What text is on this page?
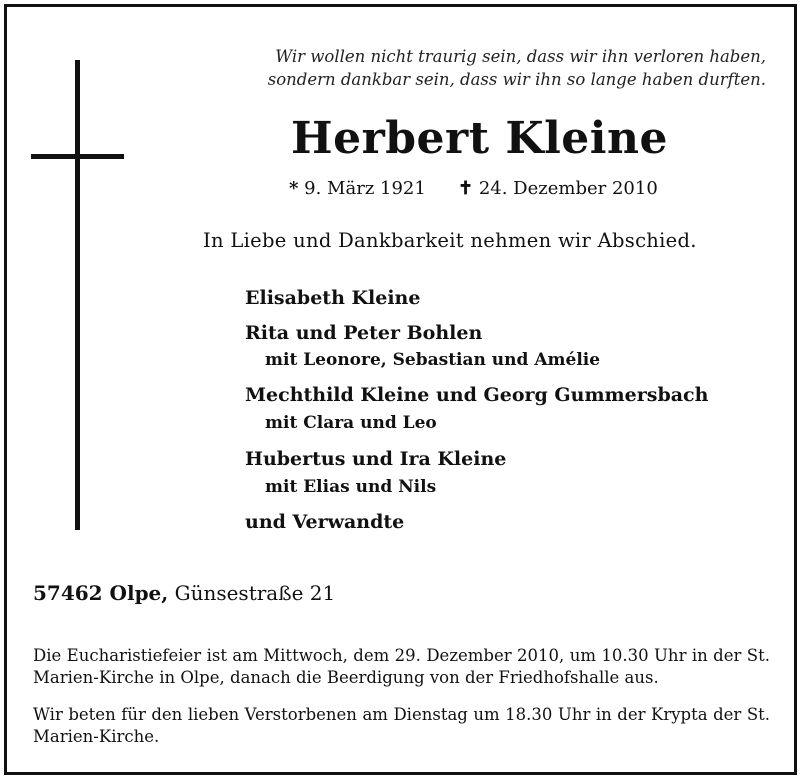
Wir wollen nicht traurig sein, dass wir ihn verloren haben,
sondern dankbar sein, dass wir ihn so lange haben durften.
Herbert Kleine
* 9. März 1921 ✝ 24. Dezember 2010
In Liebe und Dankbarkeit nehmen wir Abschied.
Elisabeth Kleine
Rita und Peter Bohlen
mit Leonore, Sebastian und Amélie
Mechthild Kleine und Georg Gummersbach
mit Clara und Leo
Hubertus und Ira Kleine
mit Elias und Nils
und Verwandte
57462 Olpe, Günsestraße 21
Die Eucharistiefeier ist am Mittwoch, dem 29. Dezember 2010, um 10.30 Uhr in der St. Marien-Kirche in Olpe, danach die Beerdigung von der Friedhofshalle aus.
Wir beten für den lieben Verstorbenen am Dienstag um 18.30 Uhr in der Krypta der St. Marien-Kirche.
